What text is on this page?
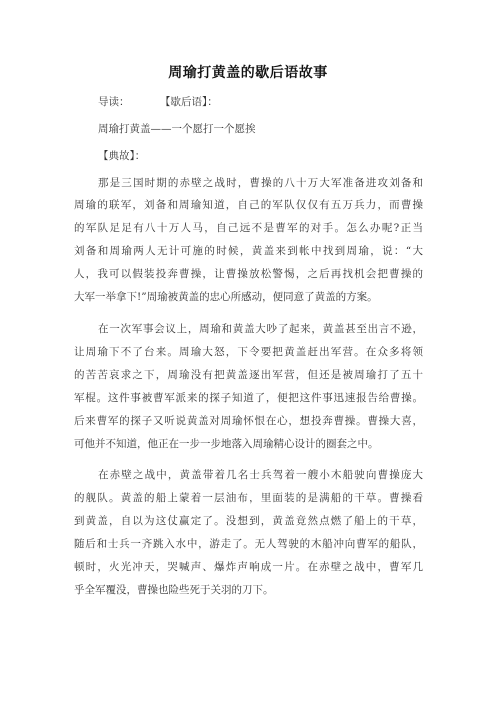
周瑜打黄盖的歇后语故事
导读：	【歇后语】：
周瑜打黄盖——一个愿打一个愿挨
【典故】：
那是三国时期的赤壁之战时，曹操的八十万大军准备进攻刘备和
周瑜的联军，刘备和周瑜知道，自己的军队仅仅有五万兵力，而曹操
的军队足足有八十万人马，自己远不是曹军的对手。怎么办呢?正当
刘备和周瑜两人无计可施的时候，黄盖来到帐中找到周瑜，说：“大
人，我可以假装投奔曹操，让曹操放松警惕，之后再找机会把曹操的
大军一举拿下!”周瑜被黄盖的忠心所感动，便同意了黄盖的方案。
在一次军事会议上，周瑜和黄盖大吵了起来，黄盖甚至出言不逊，
让周瑜下不了台来。周瑜大怒，下令要把黄盖赶出军营。在众多将领
的苦苦哀求之下，周瑜没有把黄盖逐出军营，但还是被周瑜打了五十
军棍。这件事被曹军派来的探子知道了，便把这件事迅速报告给曹操。
后来曹军的探子又听说黄盖对周瑜怀恨在心，想投奔曹操。曹操大喜，
可他并不知道，他正在一步一步地落入周瑜精心设计的圈套之中。
在赤壁之战中，黄盖带着几名士兵驾着一艘小木船驶向曹操庞大
的舰队。黄盖的船上蒙着一层油布，里面装的是满船的干草。曹操看
到黄盖，自以为这仗赢定了。没想到，黄盖竟然点燃了船上的干草，
随后和士兵一齐跳入水中，游走了。无人驾驶的木船冲向曹军的船队，
顿时，火光冲天，哭喊声、爆炸声响成一片。在赤壁之战中，曹军几
乎全军覆没，曹操也险些死于关羽的刀下。
